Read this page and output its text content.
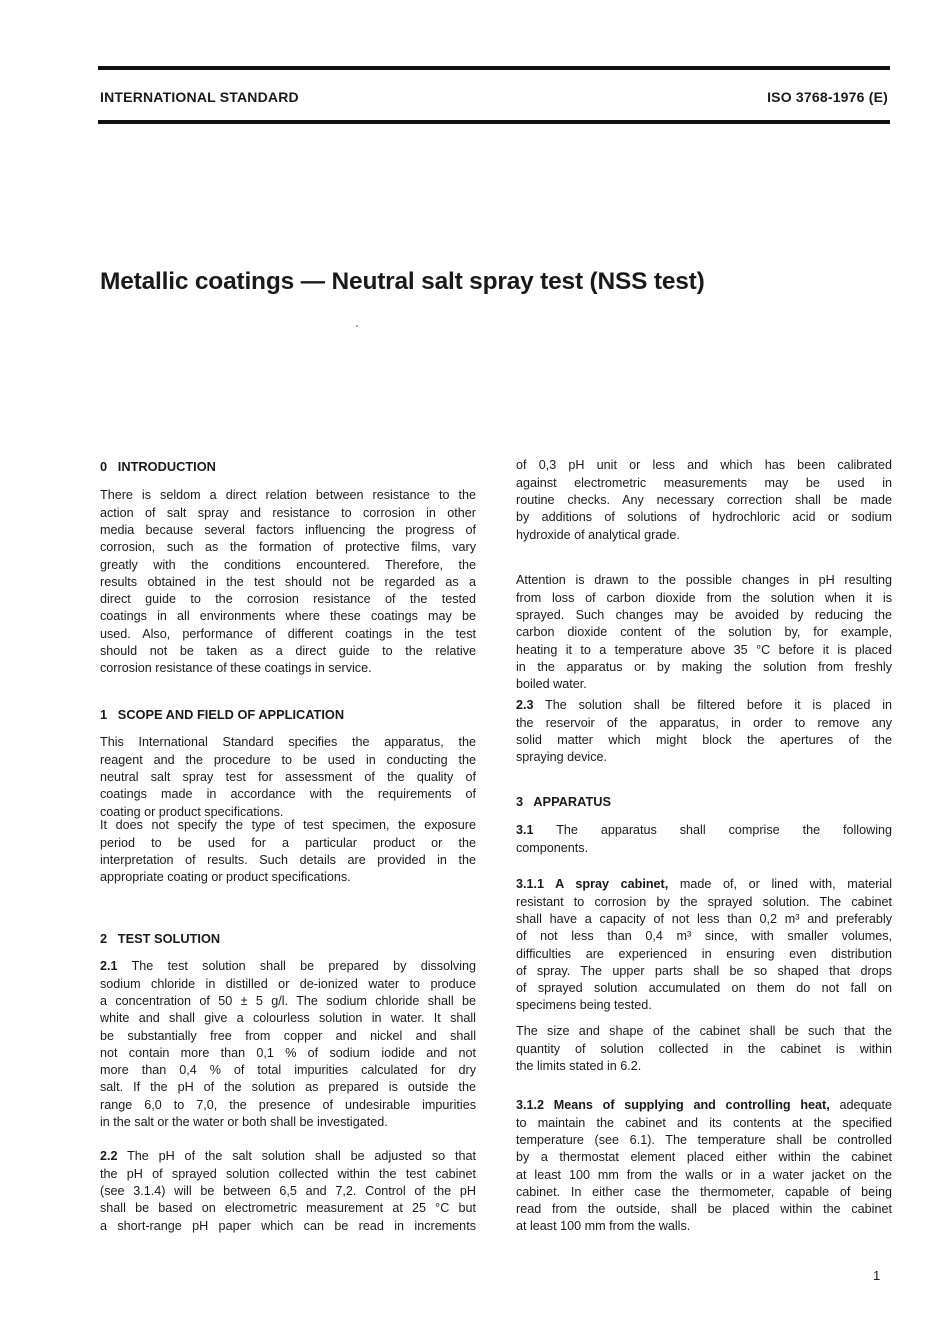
INTERNATIONAL STANDARD	ISO 3768-1976 (E)
Metallic coatings — Neutral salt spray test (NSS test)
0   INTRODUCTION
There is seldom a direct relation between resistance to the
action of salt spray and resistance to corrosion in other
media because several factors influencing the progress of
corrosion, such as the formation of protective films, vary
greatly with the conditions encountered. Therefore, the
results obtained in the test should not be regarded as a
direct guide to the corrosion resistance of the tested
coatings in all environments where these coatings may be
used. Also, performance of different coatings in the test
should not be taken as a direct guide to the relative
corrosion resistance of these coatings in service.
1   SCOPE AND FIELD OF APPLICATION
This International Standard specifies the apparatus, the
reagent and the procedure to be used in conducting the
neutral salt spray test for assessment of the quality of
coatings made in accordance with the requirements of
coating or product specifications.
It does not specify the type of test specimen, the exposure
period to be used for a particular product or the
interpretation of results. Such details are provided in the
appropriate coating or product specifications.
2   TEST SOLUTION
2.1 The test solution shall be prepared by dissolving
sodium chloride in distilled or de-ionized water to produce
a concentration of 50 ± 5 g/l. The sodium chloride shall be
white and shall give a colourless solution in water. It shall
be substantially free from copper and nickel and shall
not contain more than 0,1 % of sodium iodide and not
more than 0,4 % of total impurities calculated for dry
salt. If the pH of the solution as prepared is outside the
range 6,0 to 7,0, the presence of undesirable impurities
in the salt or the water or both shall be investigated.
2.2 The pH of the salt solution shall be adjusted so that
the pH of sprayed solution collected within the test cabinet
(see 3.1.4) will be between 6,5 and 7,2. Control of the pH
shall be based on electrometric measurement at 25 °C but
a short-range pH paper which can be read in increments
of 0,3 pH unit or less and which has been calibrated
against electrometric measurements may be used in
routine checks. Any necessary correction shall be made
by additions of solutions of hydrochloric acid or sodium
hydroxide of analytical grade.
Attention is drawn to the possible changes in pH resulting
from loss of carbon dioxide from the solution when it is
sprayed. Such changes may be avoided by reducing the
carbon dioxide content of the solution by, for example,
heating it to a temperature above 35 °C before it is placed
in the apparatus or by making the solution from freshly
boiled water.
2.3 The solution shall be filtered before it is placed in
the reservoir of the apparatus, in order to remove any
solid matter which might block the apertures of the
spraying device.
3   APPARATUS
3.1 The apparatus shall comprise the following
components.
3.1.1 A spray cabinet, made of, or lined with, material
resistant to corrosion by the sprayed solution. The cabinet
shall have a capacity of not less than 0,2 m³ and preferably
of not less than 0,4 m³ since, with smaller volumes,
difficulties are experienced in ensuring even distribution
of spray. The upper parts shall be so shaped that drops
of sprayed solution accumulated on them do not fall on
specimens being tested.
The size and shape of the cabinet shall be such that the
quantity of solution collected in the cabinet is within
the limits stated in 6.2.
3.1.2 Means of supplying and controlling heat, adequate
to maintain the cabinet and its contents at the specified
temperature (see 6.1). The temperature shall be controlled
by a thermostat element placed either within the cabinet
at least 100 mm from the walls or in a water jacket on the
cabinet. In either case the thermometer, capable of being
read from the outside, shall be placed within the cabinet
at least 100 mm from the walls.
1
